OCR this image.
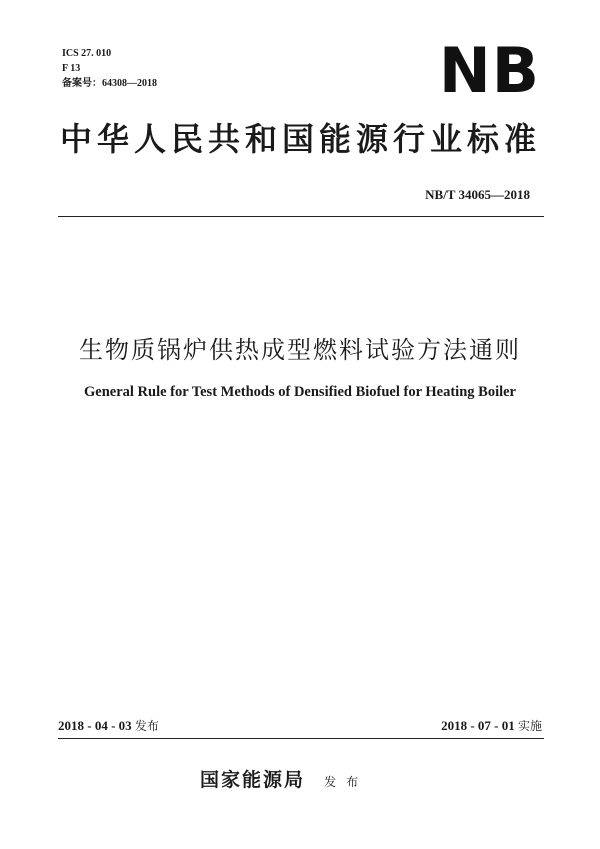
ICS 27. 010
F 13
备案号：64308—2018	NB
中华人民共和国能源行业标准
NB/T 34065—2018
生物质锅炉供热成型燃料试验方法通则
General Rule for Test Methods of Densified Biofuel for Heating Boiler
2018 - 04 - 03 发布	2018 - 07 - 01 实施
国家能源局 发布
